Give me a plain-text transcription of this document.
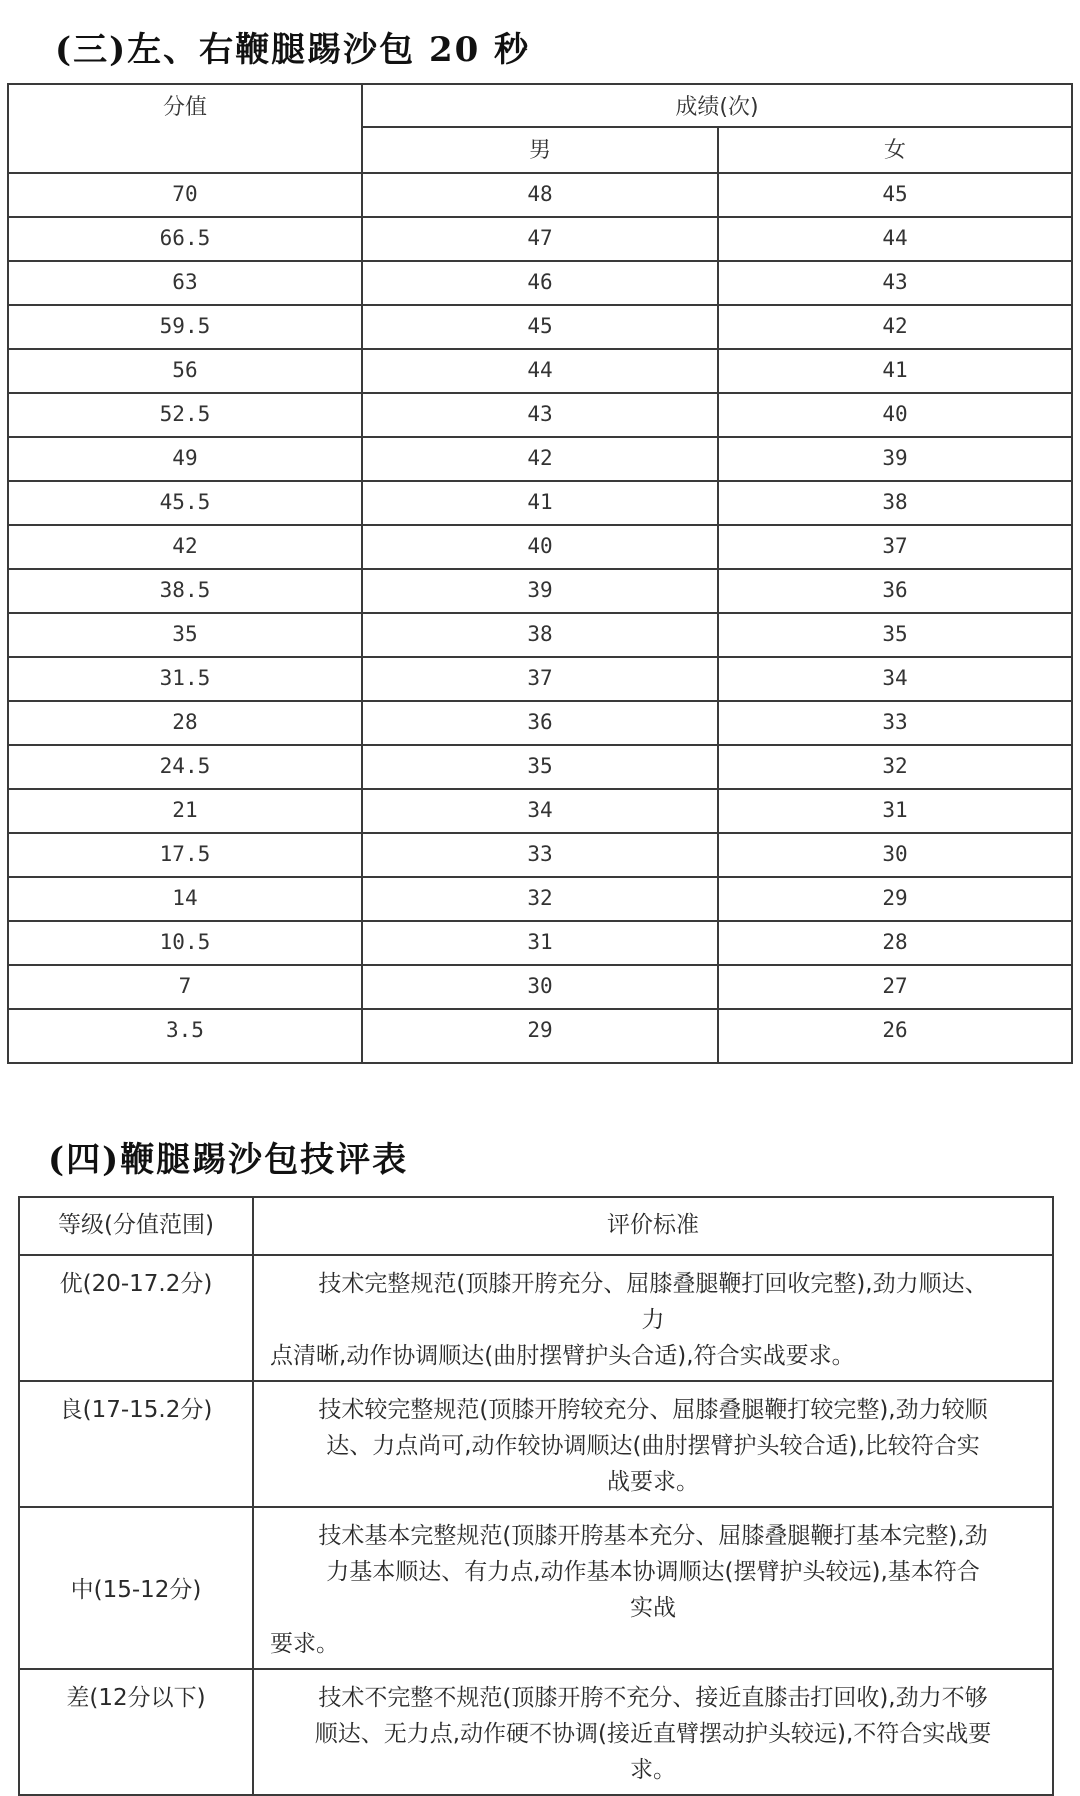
(三)左、右鞭腿踢沙包 20 秒
分值	成绩(次)	
	男	女
70	48	45
66.5	47	44
63	46	43
59.5	45	42
56	44	41
52.5	43	40
49	42	39
45.5	41	38
42	40	37
38.5	39	36
35	38	35
31.5	37	34
28	36	33
24.5	35	32
21	34	31
17.5	33	30
14	32	29
10.5	31	28
7	30	27
3.5	29	26
(四)鞭腿踢沙包技评表
等级(分值范围)	评价标准
优(20-17.2分)	技术完整规范(顶膝开胯充分、屈膝叠腿鞭打回收完整),劲力顺达、
力
点清晰,动作协调顺达(曲肘摆臂护头合适),符合实战要求。

良(17-15.2分)	技术较完整规范(顶膝开胯较充分、屈膝叠腿鞭打较完整),劲力较顺
达、力点尚可,动作较协调顺达(曲肘摆臂护头较合适),比较符合实
战要求。

中(15-12分)	技术基本完整规范(顶膝开胯基本充分、屈膝叠腿鞭打基本完整),劲
力基本顺达、有力点,动作基本协调顺达(摆臂护头较远),基本符合
实战
要求。

差(12分以下)	技术不完整不规范(顶膝开胯不充分、接近直膝击打回收),劲力不够
顺达、无力点,动作硬不协调(接近直臂摆动护头较远),不符合实战要
求。
